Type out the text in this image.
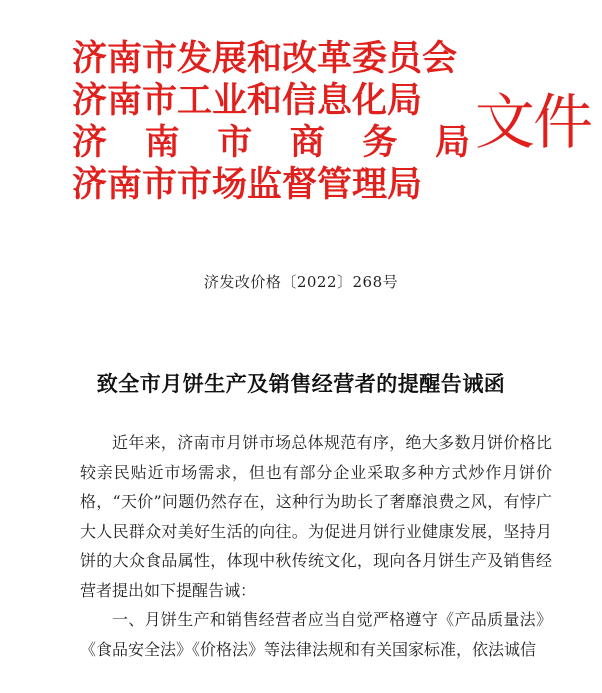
济南市发展和改革委员会
济南市工业和信息化局
济 南 市 商 务 局
济南市市场监督管理局
文件
济发改价格〔2022〕268号
致全市月饼生产及销售经营者的提醒告诫函

近年来，济南市月饼市场总体规范有序，绝大多数月饼价格比较亲民贴近市场需求，但也有部分企业采取多种方式炒作月饼价格，“天价”问题仍然存在，这种行为助长了奢靡浪费之风，有悖广大人民群众对美好生活的向往。为促进月饼行业健康发展，坚持月饼的大众食品属性，体现中秋传统文化，现向各月饼生产及销售经营者提出如下提醒告诫：

一、月饼生产和销售经营者应当自觉严格遵守《产品质量法》《食品安全法》《价格法》等法律法规和有关国家标准，依法诚信
